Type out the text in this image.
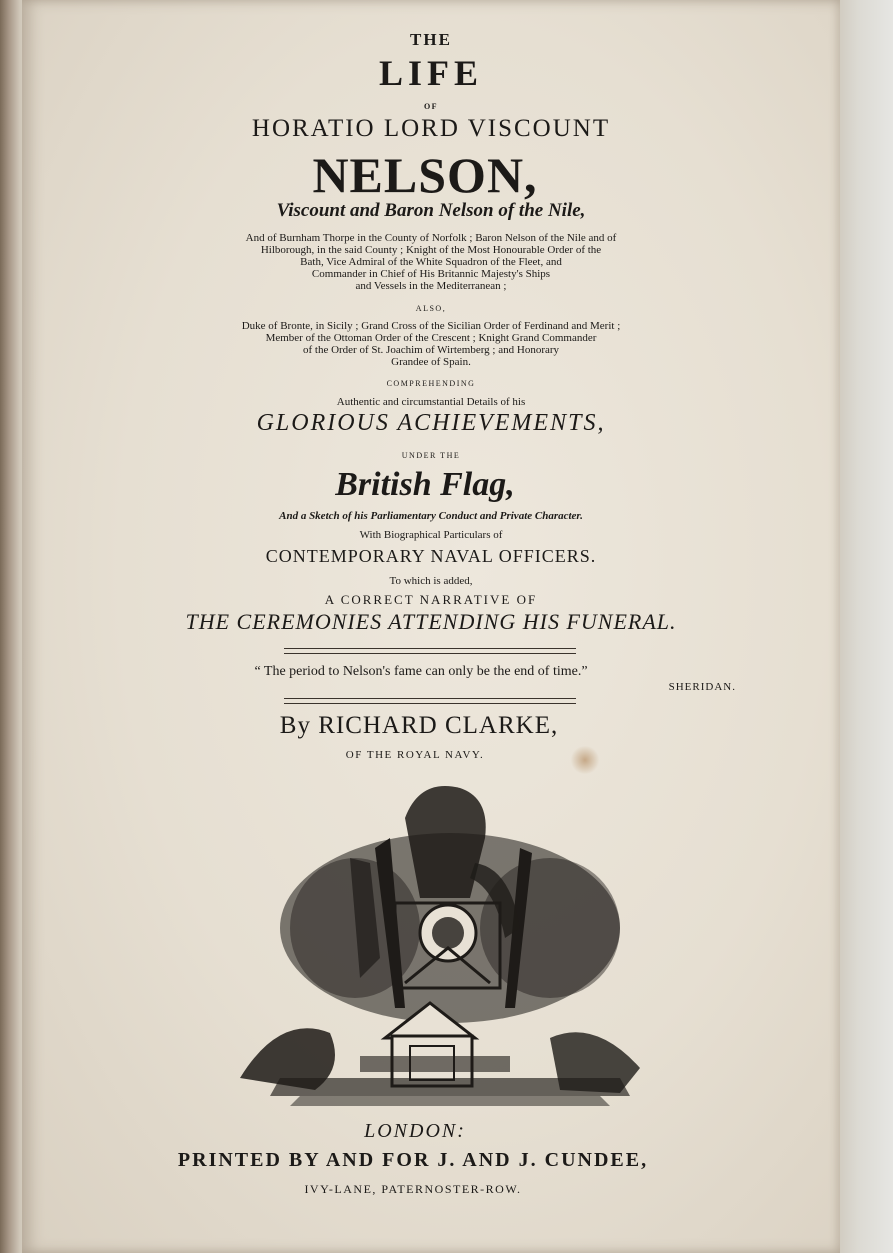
THE
LIFE
OF
HORATIO LORD VISCOUNT
NELSON,
Viscount and Baron Nelson of the Nile,
And of Burnham Thorpe in the County of Norfolk ; Baron Nelson of the Nile and of
Hilborough, in the said County ; Knight of the Most Honourable Order of the
Bath, Vice Admiral of the White Squadron of the Fleet, and
Commander in Chief of His Britannic Majesty's Ships
and Vessels in the Mediterranean ;
ALSO,
Duke of Bronte, in Sicily ; Grand Cross of the Sicilian Order of Ferdinand and Merit ;
Member of the Ottoman Order of the Crescent ; Knight Grand Commander
of the Order of St. Joachim of Wirtemberg ; and Honorary
Grandee of Spain.
COMPREHENDING
Authentic and circumstantial Details of his
GLORIOUS ACHIEVEMENTS,
UNDER THE
British Flag,
And a Sketch of his Parliamentary Conduct and Private Character.
With Biographical Particulars of
CONTEMPORARY NAVAL OFFICERS.
To which is added,
A CORRECT NARRATIVE OF
THE CEREMONIES ATTENDING HIS FUNERAL.
“ The period to Nelson's fame can only be the end of time.”
SHERIDAN.
By RICHARD CLARKE,
OF THE ROYAL NAVY.
LONDON:
PRINTED BY AND FOR J. AND J. CUNDEE,
IVY-LANE, PATERNOSTER-ROW.
